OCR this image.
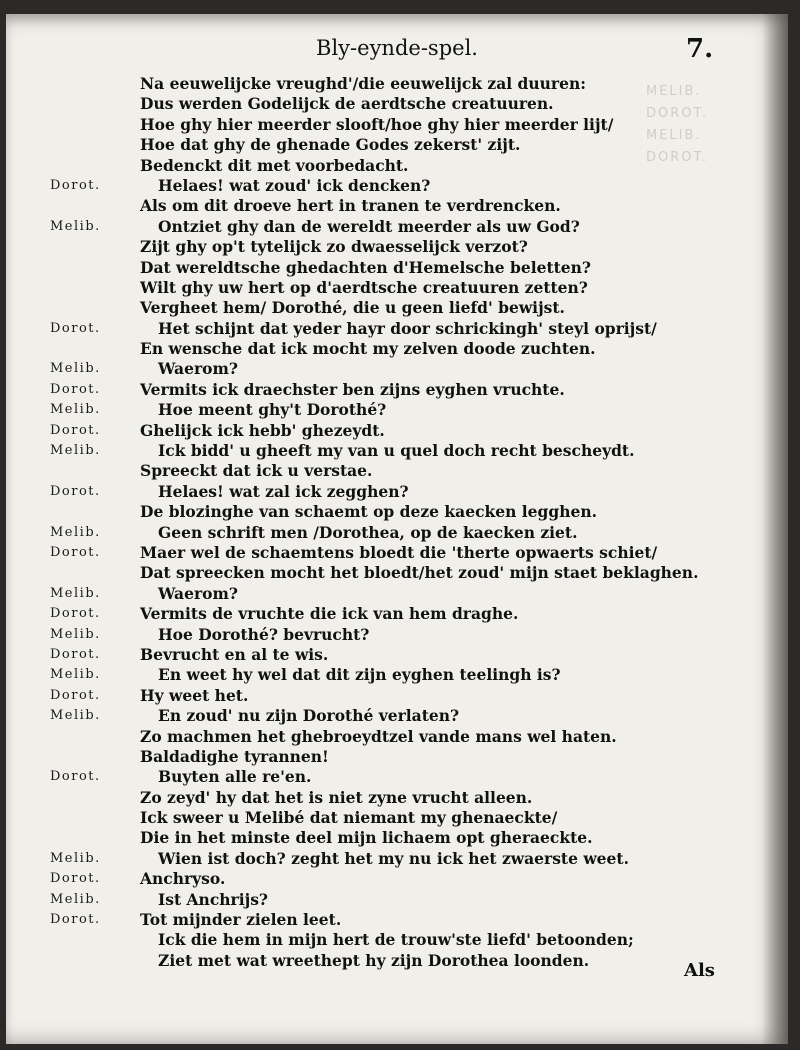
MELIB.
DOROT.
MELIB.
DOROT.
Bly-eynde-spel.	7.
Na eeuwelijcke vreughd'/die eeuwelijck zal duuren:
Dus werden Godelijck de aerdtsche creatuuren.
Hoe ghy hier meerder slooft/hoe ghy hier meerder lijt/
Hoe dat ghy de ghenade Godes zekerst' zijt.
Bedenckt dit met voorbedacht.
Dorot.	Helaes! wat zoud' ick dencken?
Als om dit droeve hert in tranen te verdrencken.
Melib.	Ontziet ghy dan de wereldt meerder als uw God?
Zijt ghy op't tytelijck zo dwaesselijck verzot?
Dat wereldtsche ghedachten d'Hemelsche beletten?
Wilt ghy uw hert op d'aerdtsche creatuuren zetten?
Vergheet hem/ Dorothé, die u geen liefd' bewijst.
Dorot.	Het schijnt dat yeder hayr door schrickingh' steyl oprijst/
En wensche dat ick mocht my zelven doode zuchten.
Melib.	Waerom?
Dorot.	Vermits ick draechster ben zijns eyghen vruchte.
Melib.	Hoe meent ghy't Dorothé?
Dorot.	Ghelijck ick hebb' ghezeydt.
Melib.	Ick bidd' u gheeft my van u quel doch recht bescheydt.
Spreeckt dat ick u verstae.
Dorot.	Helaes! wat zal ick zegghen?
De blozinghe van schaemt op deze kaecken legghen.
Melib.	Geen schrift men /Dorothea, op de kaecken ziet.
Dorot.	Maer wel de schaemtens bloedt die 'therte opwaerts schiet/
Dat spreecken mocht het bloedt/het zoud' mijn staet beklaghen.
Melib.	Waerom?
Dorot.	Vermits de vruchte die ick van hem draghe.
Melib.	Hoe Dorothé? bevrucht?
Dorot.	Bevrucht en al te wis.
Melib.	En weet hy wel dat dit zijn eyghen teelingh is?
Dorot.	Hy weet het.
Melib.	En zoud' nu zijn Dorothé verlaten?
Zo machmen het ghebroeydtzel vande mans wel haten.
Baldadighe tyrannen!
Dorot.	Buyten alle re'en.
Zo zeyd' hy dat het is niet zyne vrucht alleen.
Ick sweer u Melibé dat niemant my ghenaeckte/
Die in het minste deel mijn lichaem opt gheraeckte.
Melib.	Wien ist doch? zeght het my nu ick het zwaerste weet.
Dorot.	Anchryso.
Melib.	Ist Anchrijs?
Dorot.	Tot mijnder zielen leet.
Ick die hem in mijn hert de trouw'ste liefd' betoonden;
Ziet met wat wreethept hy zijn Dorothea loonden.	Als
